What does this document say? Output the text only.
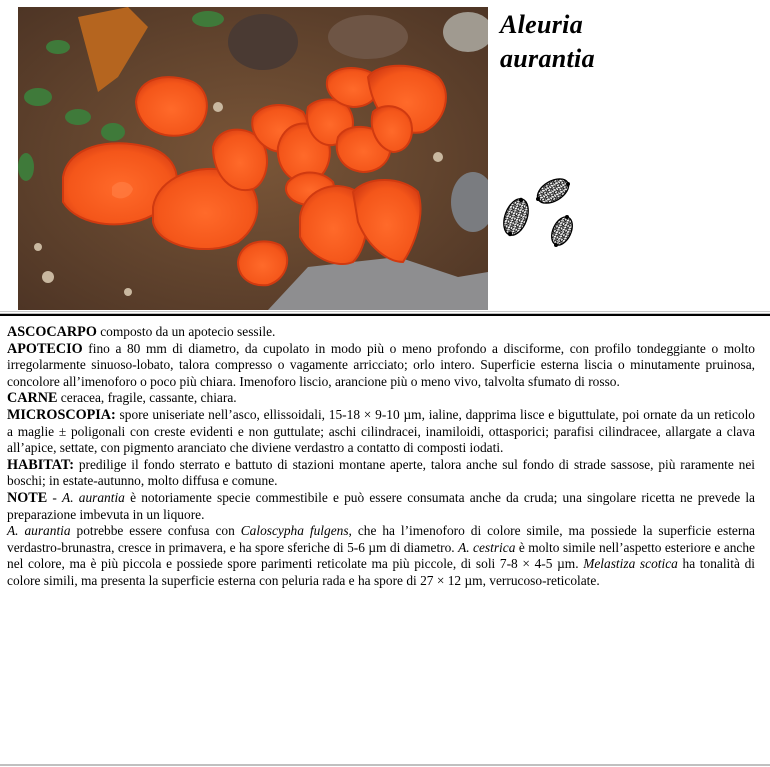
Aleuria
aurantia

ASCOCARPO composto da un apotecio sessile.

APOTECIO fino a 80 mm di diametro, da cupolato in modo più o meno profondo a disciforme, con profilo tondeggiante o molto irregolarmente sinuoso-lobato, talora compresso o vagamente arricciato; orlo intero. Superficie esterna liscia o minutamente pruinosa, concolore all’imenoforo o poco più chiara. Imenoforo liscio, arancione più o meno vivo, talvolta sfumato di rosso.

CARNE ceracea, fragile, cassante, chiara.

MICROSCOPIA: spore uniseriate nell’asco, ellissoidali, 15-18 × 9-10 µm, ialine, dapprima lisce e biguttulate, poi ornate da un reticolo a maglie ± poligonali con creste evidenti e non guttulate; aschi cilindracei, inamiloidi, ottasporici; parafisi cilindracee, allargate a clava all’apice, settate, con pigmento aranciato che diviene verdastro a contatto di composti iodati.

HABITAT: predilige il fondo sterrato e battuto di stazioni montane aperte, talora anche sul fondo di strade sassose, più raramente nei boschi; in estate-autunno, molto diffusa e comune.

NOTE - A. aurantia è notoriamente specie commestibile e può essere consumata anche da cruda; una singolare ricetta ne prevede la preparazione imbevuta in un liquore.

A. aurantia potrebbe essere confusa con Caloscypha fulgens, che ha l’imenoforo di colore simile, ma possiede la superficie esterna verdastro-brunastra, cresce in primavera, e ha spore sferiche di 5-6 µm di diametro. A. cestrica è molto simile nell’aspetto esteriore e anche nel colore, ma è più piccola e possiede spore parimenti reticolate ma più piccole, di soli 7-8 × 4-5 µm. Melastiza scotica ha tonalità di colore simili, ma presenta la superficie esterna con peluria rada e ha spore di 27 × 12 µm, verrucoso-reticolate.
